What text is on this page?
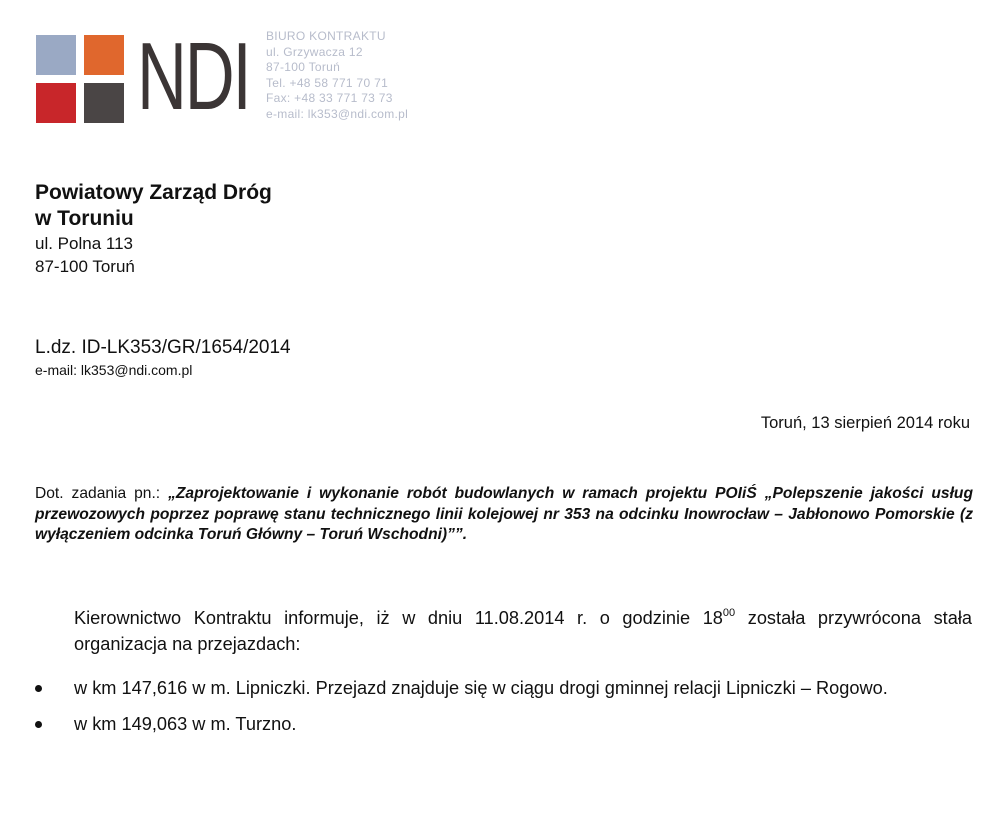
NDI BIURO KONTRAKTU
ul. Grzywacza 12
87-100 Toruń
Tel. +48 58 771 70 71
Fax: +48 33 771 73 73
e-mail: lk353@ndi.com.pl
Powiatowy Zarząd Dróg
w Toruniu
ul. Polna 113
87-100 Toruń
L.dz. ID-LK353/GR/1654/2014
e-mail: lk353@ndi.com.pl
Toruń, 13 sierpień 2014 roku
Dot. zadania pn.: „Zaprojektowanie i wykonanie robót budowlanych w ramach projektu POIiŚ „Polepszenie jakości usług przewozowych poprzez poprawę stanu technicznego linii kolejowej nr 353 na odcinku Inowrocław – Jabłonowo Pomorskie (z wyłączeniem odcinka Toruń Główny – Toruń Wschodni)””.
Kierownictwo Kontraktu informuje, iż w dniu 11.08.2014 r. o godzinie $18^{00}$ została przywrócona stała organizacja na przejazdach:
w km 147,616 w m. Lipniczki. Przejazd znajduje się w ciągu drogi gminnej relacji Lipniczki – Rogowo.
w km 149,063 w m. Turzno.
